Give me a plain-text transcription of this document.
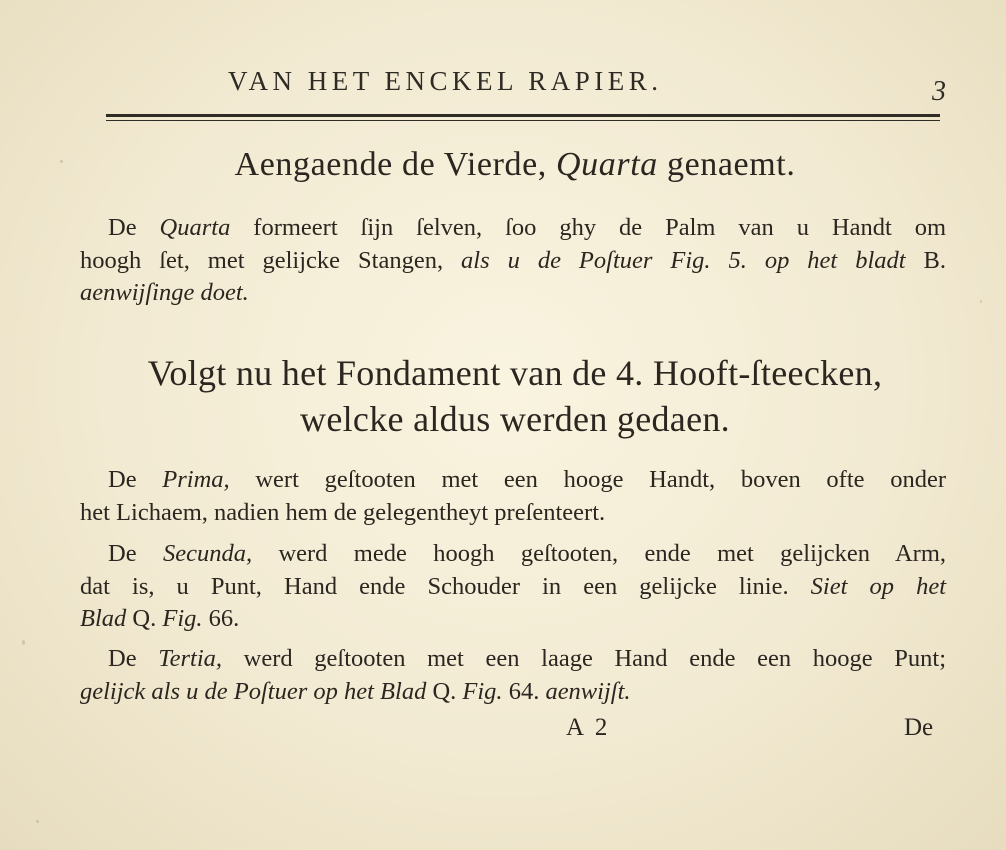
VAN HET ENCKEL RAPIER.	3
Aengaende de Vierde, Quarta genaemt.
De Quarta formeert ſijn ſelven, ſoo ghy de Palm van u Handt om
hoogh ſet, met gelijcke Stangen, als u de Poſtuer Fig. 5. op het bladt B.
aenwijſinge doet.
Volgt nu het Fondament van de 4. Hooft-ſteecken,
welcke aldus werden gedaen.
De Prima, wert geſtooten met een hooge Handt, boven ofte onder
het Lichaem, nadien hem de gelegentheyt preſenteert.
De Secunda, werd mede hoogh geſtooten, ende met gelijcken Arm,
dat is, u Punt, Hand ende Schouder in een gelijcke linie. Siet op het
Blad Q. Fig. 66.
De Tertia, werd geſtooten met een laage Hand ende een hooge Punt;
gelijck als u de Poſtuer op het Blad Q. Fig. 64. aenwijſt.
A 2	De
